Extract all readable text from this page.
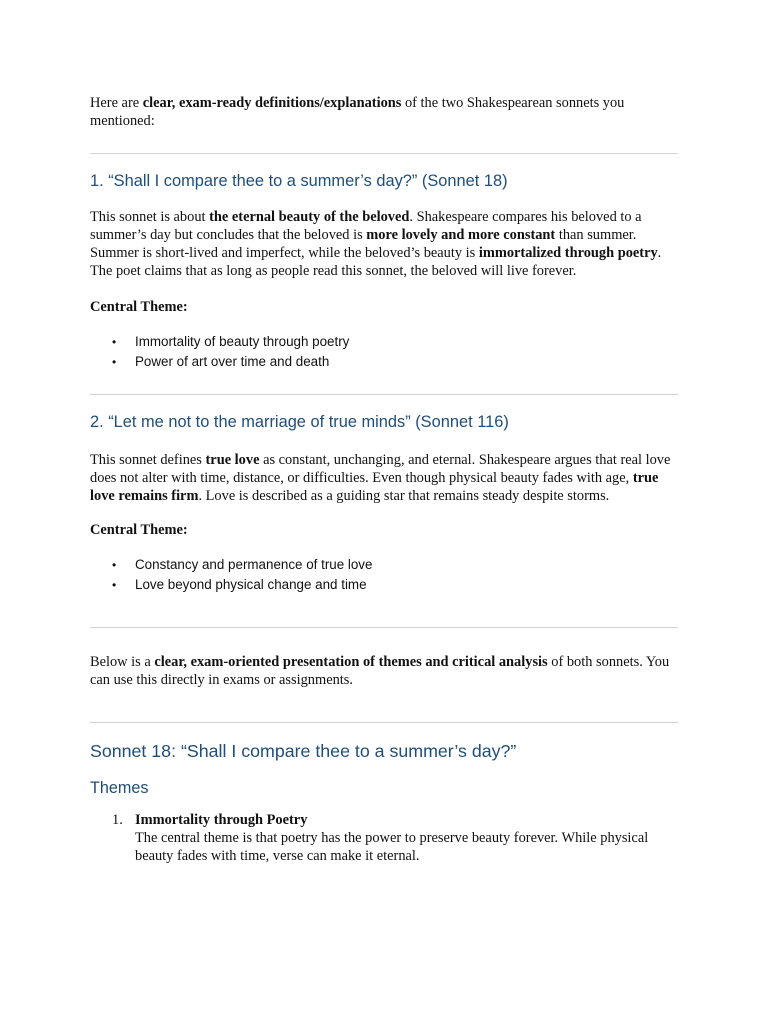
Here are clear, exam-ready definitions/explanations of the two Shakespearean sonnets you mentioned:

1. “Shall I compare thee to a summer’s day?” (Sonnet 18)

This sonnet is about the eternal beauty of the beloved. Shakespeare compares his beloved to a summer’s day but concludes that the beloved is more lovely and more constant than summer. Summer is short-lived and imperfect, while the beloved’s beauty is immortalized through poetry. The poet claims that as long as people read this sonnet, the beloved will live forever.

Central Theme:

• Immortality of beauty through poetry
• Power of art over time and death
2. “Let me not to the marriage of true minds” (Sonnet 116)

This sonnet defines true love as constant, unchanging, and eternal. Shakespeare argues that real love does not alter with time, distance, or difficulties. Even though physical beauty fades with age, true love remains firm. Love is described as a guiding star that remains steady despite storms.

Central Theme:

• Constancy and permanence of true love
• Love beyond physical change and time

Below is a clear, exam-oriented presentation of themes and critical analysis of both sonnets. You can use this directly in exams or assignments.

Sonnet 18: “Shall I compare thee to a summer’s day?”
Themes
1. Immortality through Poetry
The central theme is that poetry has the power to preserve beauty forever. While physical beauty fades with time, verse can make it eternal.
